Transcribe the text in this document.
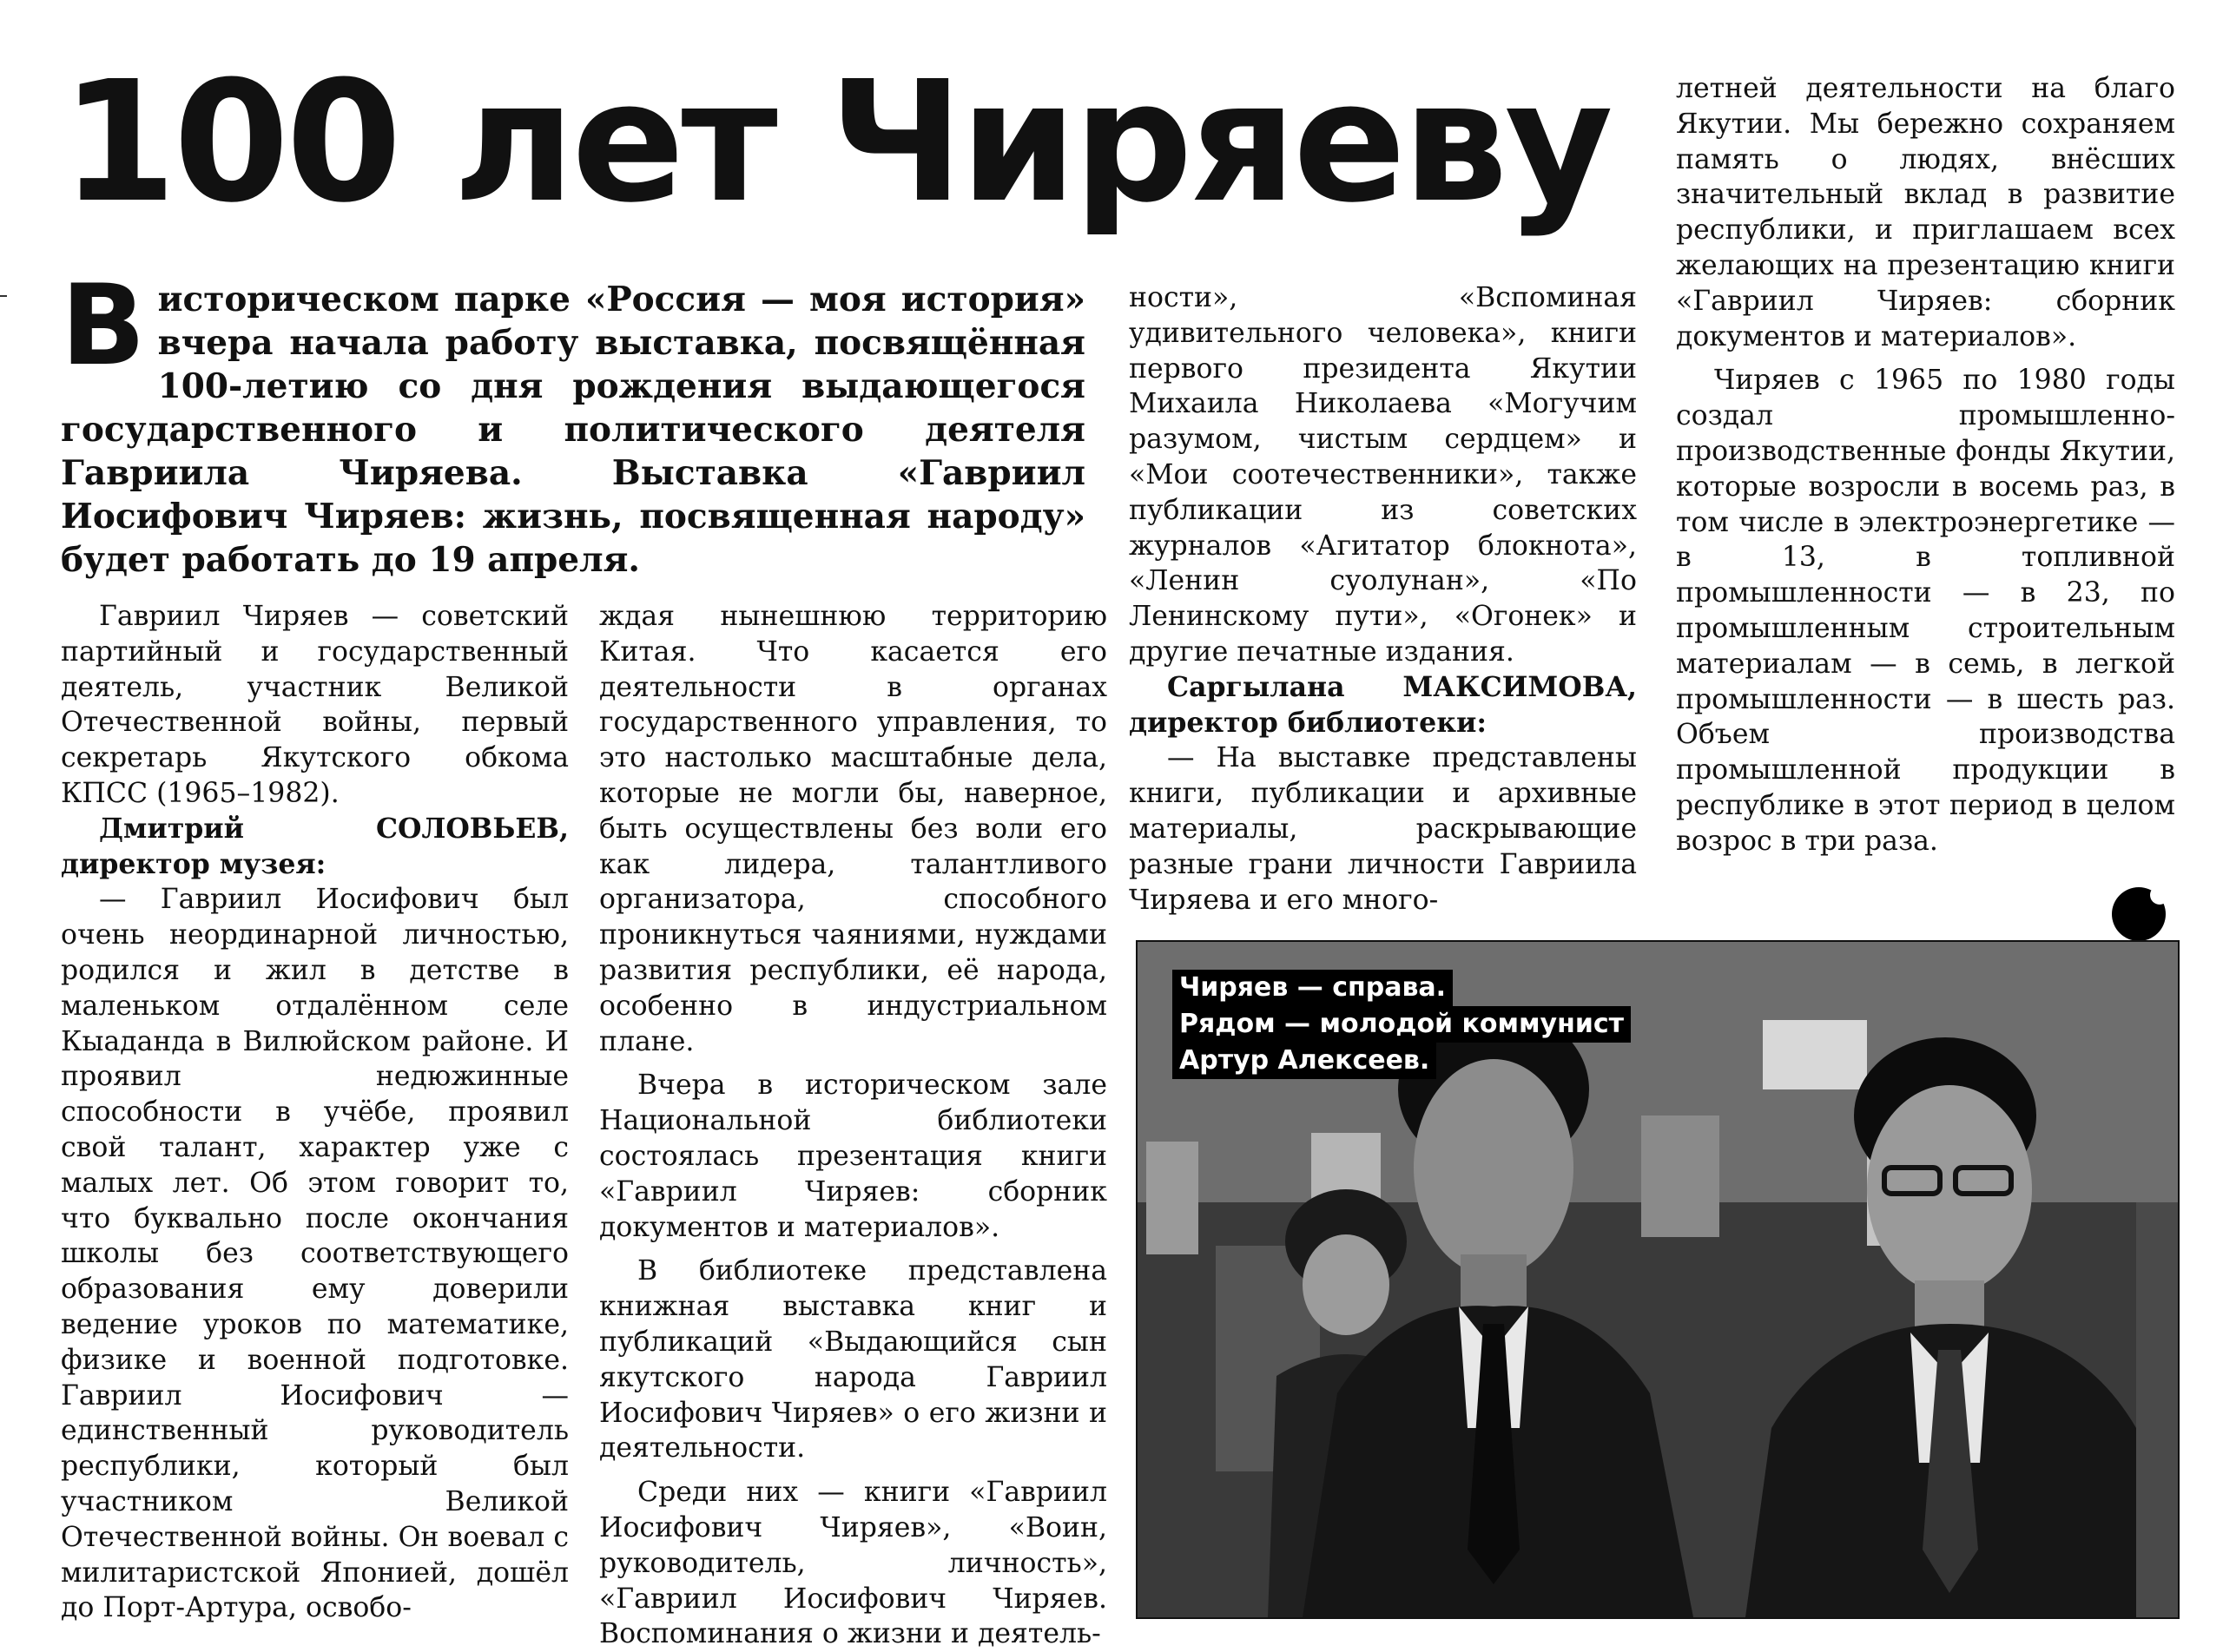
100 лет Чиряеву

В историческом парке «Россия — моя история» вчера начала работу выставка, посвящённая 100-летию со дня рождения выдающегося государственного и политического деятеля Гавриила Чиряева. Выставка «Гавриил Иосифович Чиряев: жизнь, посвященная народу» будет работать до 19 апреля.

Гавриил Чиряев — советский партийный и государственный деятель, участник Великой Отечественной войны, первый секретарь Якутского обкома КПСС (1965–1982).

Дмитрий СОЛОВЬЕВ, директор музея:

— Гавриил Иосифович был очень неординарной личностью, родился и жил в детстве в маленьком отдалённом селе Кыаданда в Вилюйском районе. И проявил недюжинные способности в учёбе, проявил свой талант, характер уже с малых лет. Об этом говорит то, что буквально после окончания школы без соответствующего образования ему доверили ведение уроков по математике, физике и военной подготовке. Гавриил Иосифович — единственный руководитель республики, который был участником Великой Отечественной войны. Он воевал с милитаристской Японией, дошёл до Порт-Артура, освобо-

ждая нынешнюю территорию Китая. Что касается его деятельности в органах государственного управления, то это настолько масштабные дела, которые не могли бы, наверное, быть осуществлены без воли его как лидера, талантливого организатора, способного проникнуться чаяниями, нуждами развития республики, её народа, особенно в индустриальном плане.

Вчера в историческом зале Национальной библиотеки состоялась презентация книги «Гавриил Чиряев: сборник документов и материалов».

В библиотеке представлена книжная выставка книг и публикаций «Выдающийся сын якутского народа Гавриил Иосифович Чиряев» о его жизни и деятельности.

Среди них — книги «Гавриил Иосифович Чиряев», «Воин, руководитель, личность», «Гавриил Иосифович Чиряев. Воспоминания о жизни и деятель-

ности», «Вспоминая удивительного человека», книги первого президента Якутии Михаила Николаева «Могучим разумом, чистым сердцем» и «Мои соотечественники», также публикации из советских журналов «Агитатор блокнота», «Ленин суолунан», «По Ленинскому пути», «Огонек» и другие печатные издания.

Саргылана МАКСИМОВА, директор библиотеки:

— На выставке представлены книги, публикации и архивные материалы, раскрывающие разные грани личности Гавриила Чиряева и его много-

летней деятельности на благо Якутии. Мы бережно сохраняем память о людях, внёсших значительный вклад в развитие республики, и приглашаем всех желающих на презентацию книги «Гавриил Чиряев: сборник документов и материалов».

Чиряев с 1965 по 1980 годы создал промышленно-производственные фонды Якутии, которые возросли в восемь раз, в том числе в электроэнергетике — в 13, в топливной промышленности — в 23, по промышленным строительным материалам — в семь, в легкой промышленности — в шесть раз. Объем производства промышленной продукции в республике в этот период в целом возрос в три раза.

Чиряев — справа.
Рядом — молодой коммунист
Артур Алексеев.
